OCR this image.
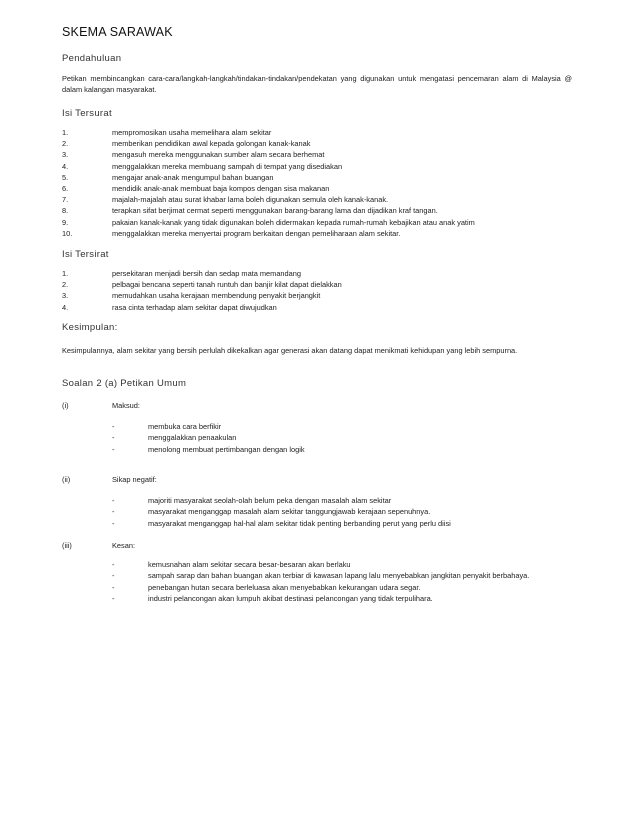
SKEMA SARAWAK
Pendahuluan
Petikan membincangkan cara-cara/langkah-langkah/tindakan-tindakan/pendekatan yang digunakan untuk mengatasi pencemaran alam di Malaysia @ dalam kalangan masyarakat.
Isi Tersurat
1.	mempromosikan usaha memelihara alam sekitar
2.	memberikan pendidikan awal kepada golongan kanak-kanak
3.	mengasuh mereka menggunakan sumber alam secara berhemat
4.	menggalakkan mereka membuang sampah di tempat yang disediakan
5.	mengajar anak-anak mengumpul bahan buangan
6.	mendidik anak-anak membuat baja kompos dengan sisa makanan
7.	majalah-majalah atau surat khabar lama boleh digunakan semula oleh kanak-kanak.
8.	terapkan sifat berjimat cermat seperti menggunakan barang-barang lama dan dijadikan kraf tangan.
9.	pakaian kanak-kanak yang tidak digunakan boleh didermakan kepada rumah-rumah kebajikan atau anak yatim
10.	menggalakkan mereka menyertai program berkaitan dengan pemeliharaan alam sekitar.
Isi Tersirat
1.	persekitaran menjadi bersih dan sedap mata memandang
2.	pelbagai bencana seperti tanah runtuh dan banjir kilat dapat dielakkan
3.	memudahkan usaha kerajaan membendung penyakit berjangkit
4.	rasa cinta terhadap alam sekitar dapat diwujudkan
Kesimpulan:
Kesimpulannya, alam sekitar yang bersih perlulah dikekalkan agar generasi akan datang dapat menikmati kehidupan yang lebih sempurna.
Soalan 2 (a) Petikan Umum
(i)	Maksud:
-	membuka cara berfikir
-	menggalakkan penaakulan
-	menolong membuat pertimbangan dengan logik
(ii)	Sikap negatif:
-	majoriti masyarakat seolah-olah belum peka dengan masalah alam sekitar
-	masyarakat menganggap masalah alam sekitar tanggungjawab kerajaan sepenuhnya.
-	masyarakat menganggap hal-hal alam sekitar tidak penting berbanding perut yang perlu diisi
(iii)	Kesan:
-	kemusnahan alam sekitar secara besar-besaran akan berlaku
-	sampah sarap dan bahan buangan akan terbiar di kawasan lapang lalu menyebabkan jangkitan penyakit berbahaya.
-	penebangan hutan secara berleluasa akan menyebabkan kekurangan udara segar.
-	industri pelancongan akan lumpuh akibat destinasi pelancongan yang tidak terpulihara.
